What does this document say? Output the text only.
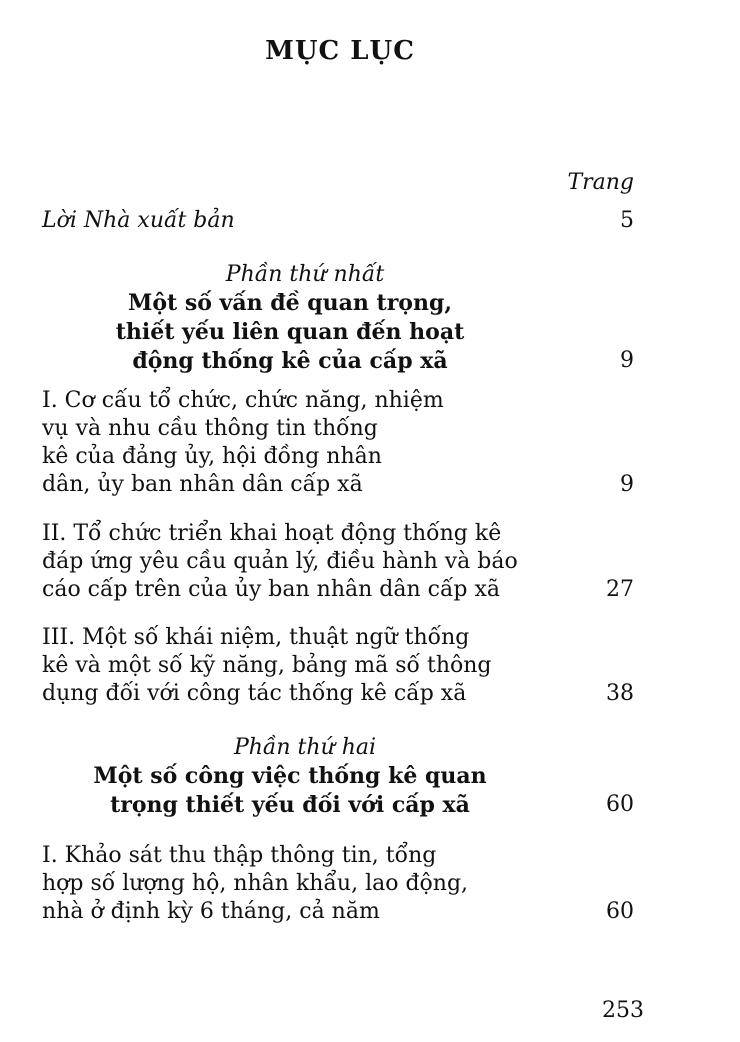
MỤC LỤC
Trang
Lời Nhà xuất bản	5
Phần thứ nhất
Một số vấn đề quan trọng,
thiết yếu liên quan đến hoạt
động thống kê của cấp xã	9
I. Cơ cấu tổ chức, chức năng, nhiệm
vụ và nhu cầu thông tin thống
kê của đảng ủy, hội đồng nhân
dân, ủy ban nhân dân cấp xã	9
II. Tổ chức triển khai hoạt động thống kê
đáp ứng yêu cầu quản lý, điều hành và báo
cáo cấp trên của ủy ban nhân dân cấp xã	27
III. Một số khái niệm, thuật ngữ thống
kê và một số kỹ năng, bảng mã số thông
dụng đối với công tác thống kê cấp xã	38
Phần thứ hai
Một số công việc thống kê quan
trọng thiết yếu đối với cấp xã	60
I. Khảo sát thu thập thông tin, tổng
hợp số lượng hộ, nhân khẩu, lao động,
nhà ở định kỳ 6 tháng, cả năm	60
253
